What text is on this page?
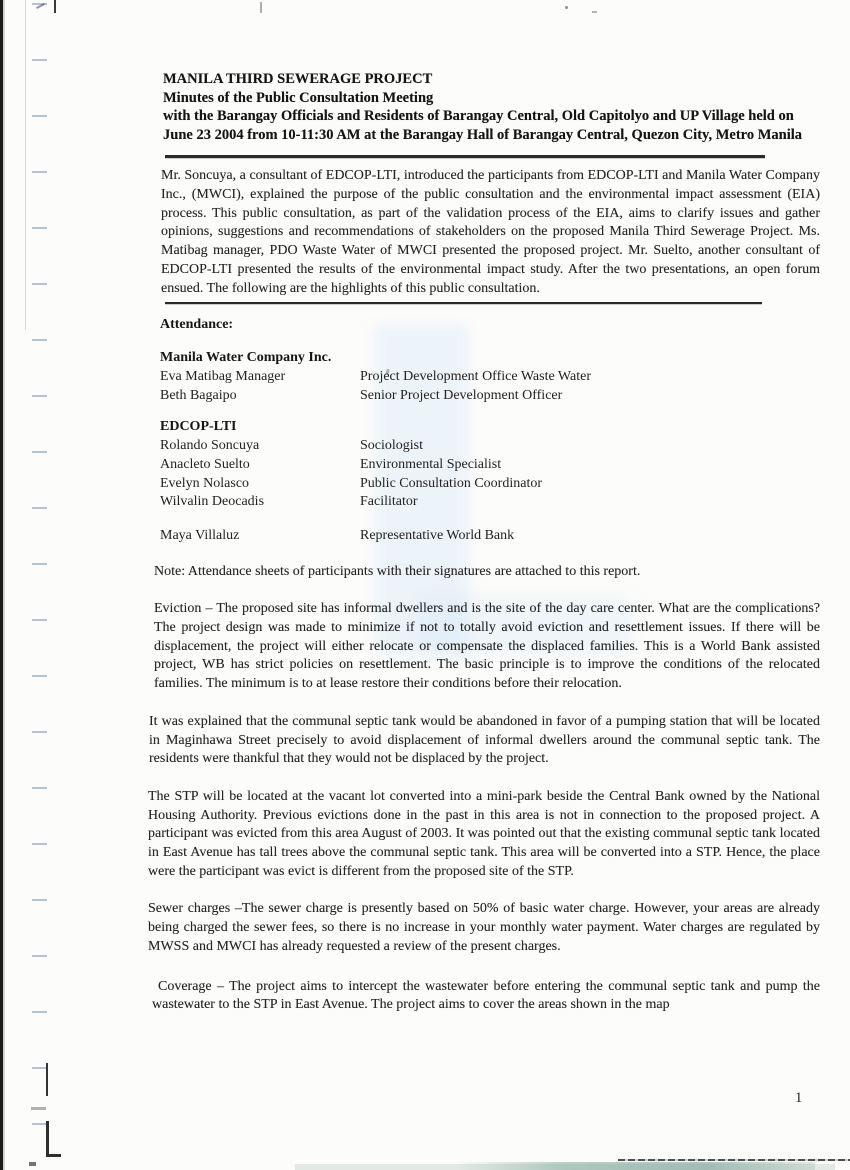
MANILA THIRD SEWERAGE PROJECT
Minutes of the Public Consultation Meeting
with the Barangay Officials and Residents of Barangay Central, Old Capitolyo and UP Village held on June 23 2004 from 10-11:30 AM at the Barangay Hall of Barangay Central, Quezon City, Metro Manila

Mr. Soncuya, a consultant of EDCOP-LTI, introduced the participants from EDCOP-LTI and Manila Water Company Inc., (MWCI), explained the purpose of the public consultation and the environmental impact assessment (EIA) process. This public consultation, as part of the validation process of the EIA, aims to clarify issues and gather opinions, suggestions and recommendations of stakeholders on the proposed Manila Third Sewerage Project. Ms. Matibag manager, PDO Waste Water of MWCI presented the proposed project. Mr. Suelto, another consultant of EDCOP-LTI presented the results of the environmental impact study. After the two presentations, an open forum ensued. The following are the highlights of this public consultation.

Attendance:
Manila Water Company Inc.
Eva Matibag Manager	Project Development Office Waste Water
Beth Bagaipo	Senior Project Development Officer
EDCOP-LTI
Rolando Soncuya	Sociologist
Anacleto Suelto	Environmental Specialist
Evelyn Nolasco	Public Consultation Coordinator
Wilvalin Deocadis	Facilitator
Maya Villaluz	Representative World Bank

Note: Attendance sheets of participants with their signatures are attached to this report.

Eviction – The proposed site has informal dwellers and is the site of the day care center. What are the complications? The project design was made to minimize if not to totally avoid eviction and resettlement issues. If there will be displacement, the project will either relocate or compensate the displaced families. This is a World Bank assisted project, WB has strict policies on resettlement. The basic principle is to improve the conditions of the relocated families. The minimum is to at lease restore their conditions before their relocation.

It was explained that the communal septic tank would be abandoned in favor of a pumping station that will be located in Maginhawa Street precisely to avoid displacement of informal dwellers around the communal septic tank. The residents were thankful that they would not be displaced by the project.

The STP will be located at the vacant lot converted into a mini-park beside the Central Bank owned by the National Housing Authority. Previous evictions done in the past in this area is not in connection to the proposed project. A participant was evicted from this area August of 2003. It was pointed out that the existing communal septic tank located in East Avenue has tall trees above the communal septic tank. This area will be converted into a STP. Hence, the place were the participant was evict is different from the proposed site of the STP.

Sewer charges –The sewer charge is presently based on 50% of basic water charge. However, your areas are already being charged the sewer fees, so there is no increase in your monthly water payment. Water charges are regulated by MWSS and MWCI has already requested a review of the present charges.

Coverage – The project aims to intercept the wastewater before entering the communal septic tank and pump the wastewater to the STP in East Avenue. The project aims to cover the areas shown in the map

1
